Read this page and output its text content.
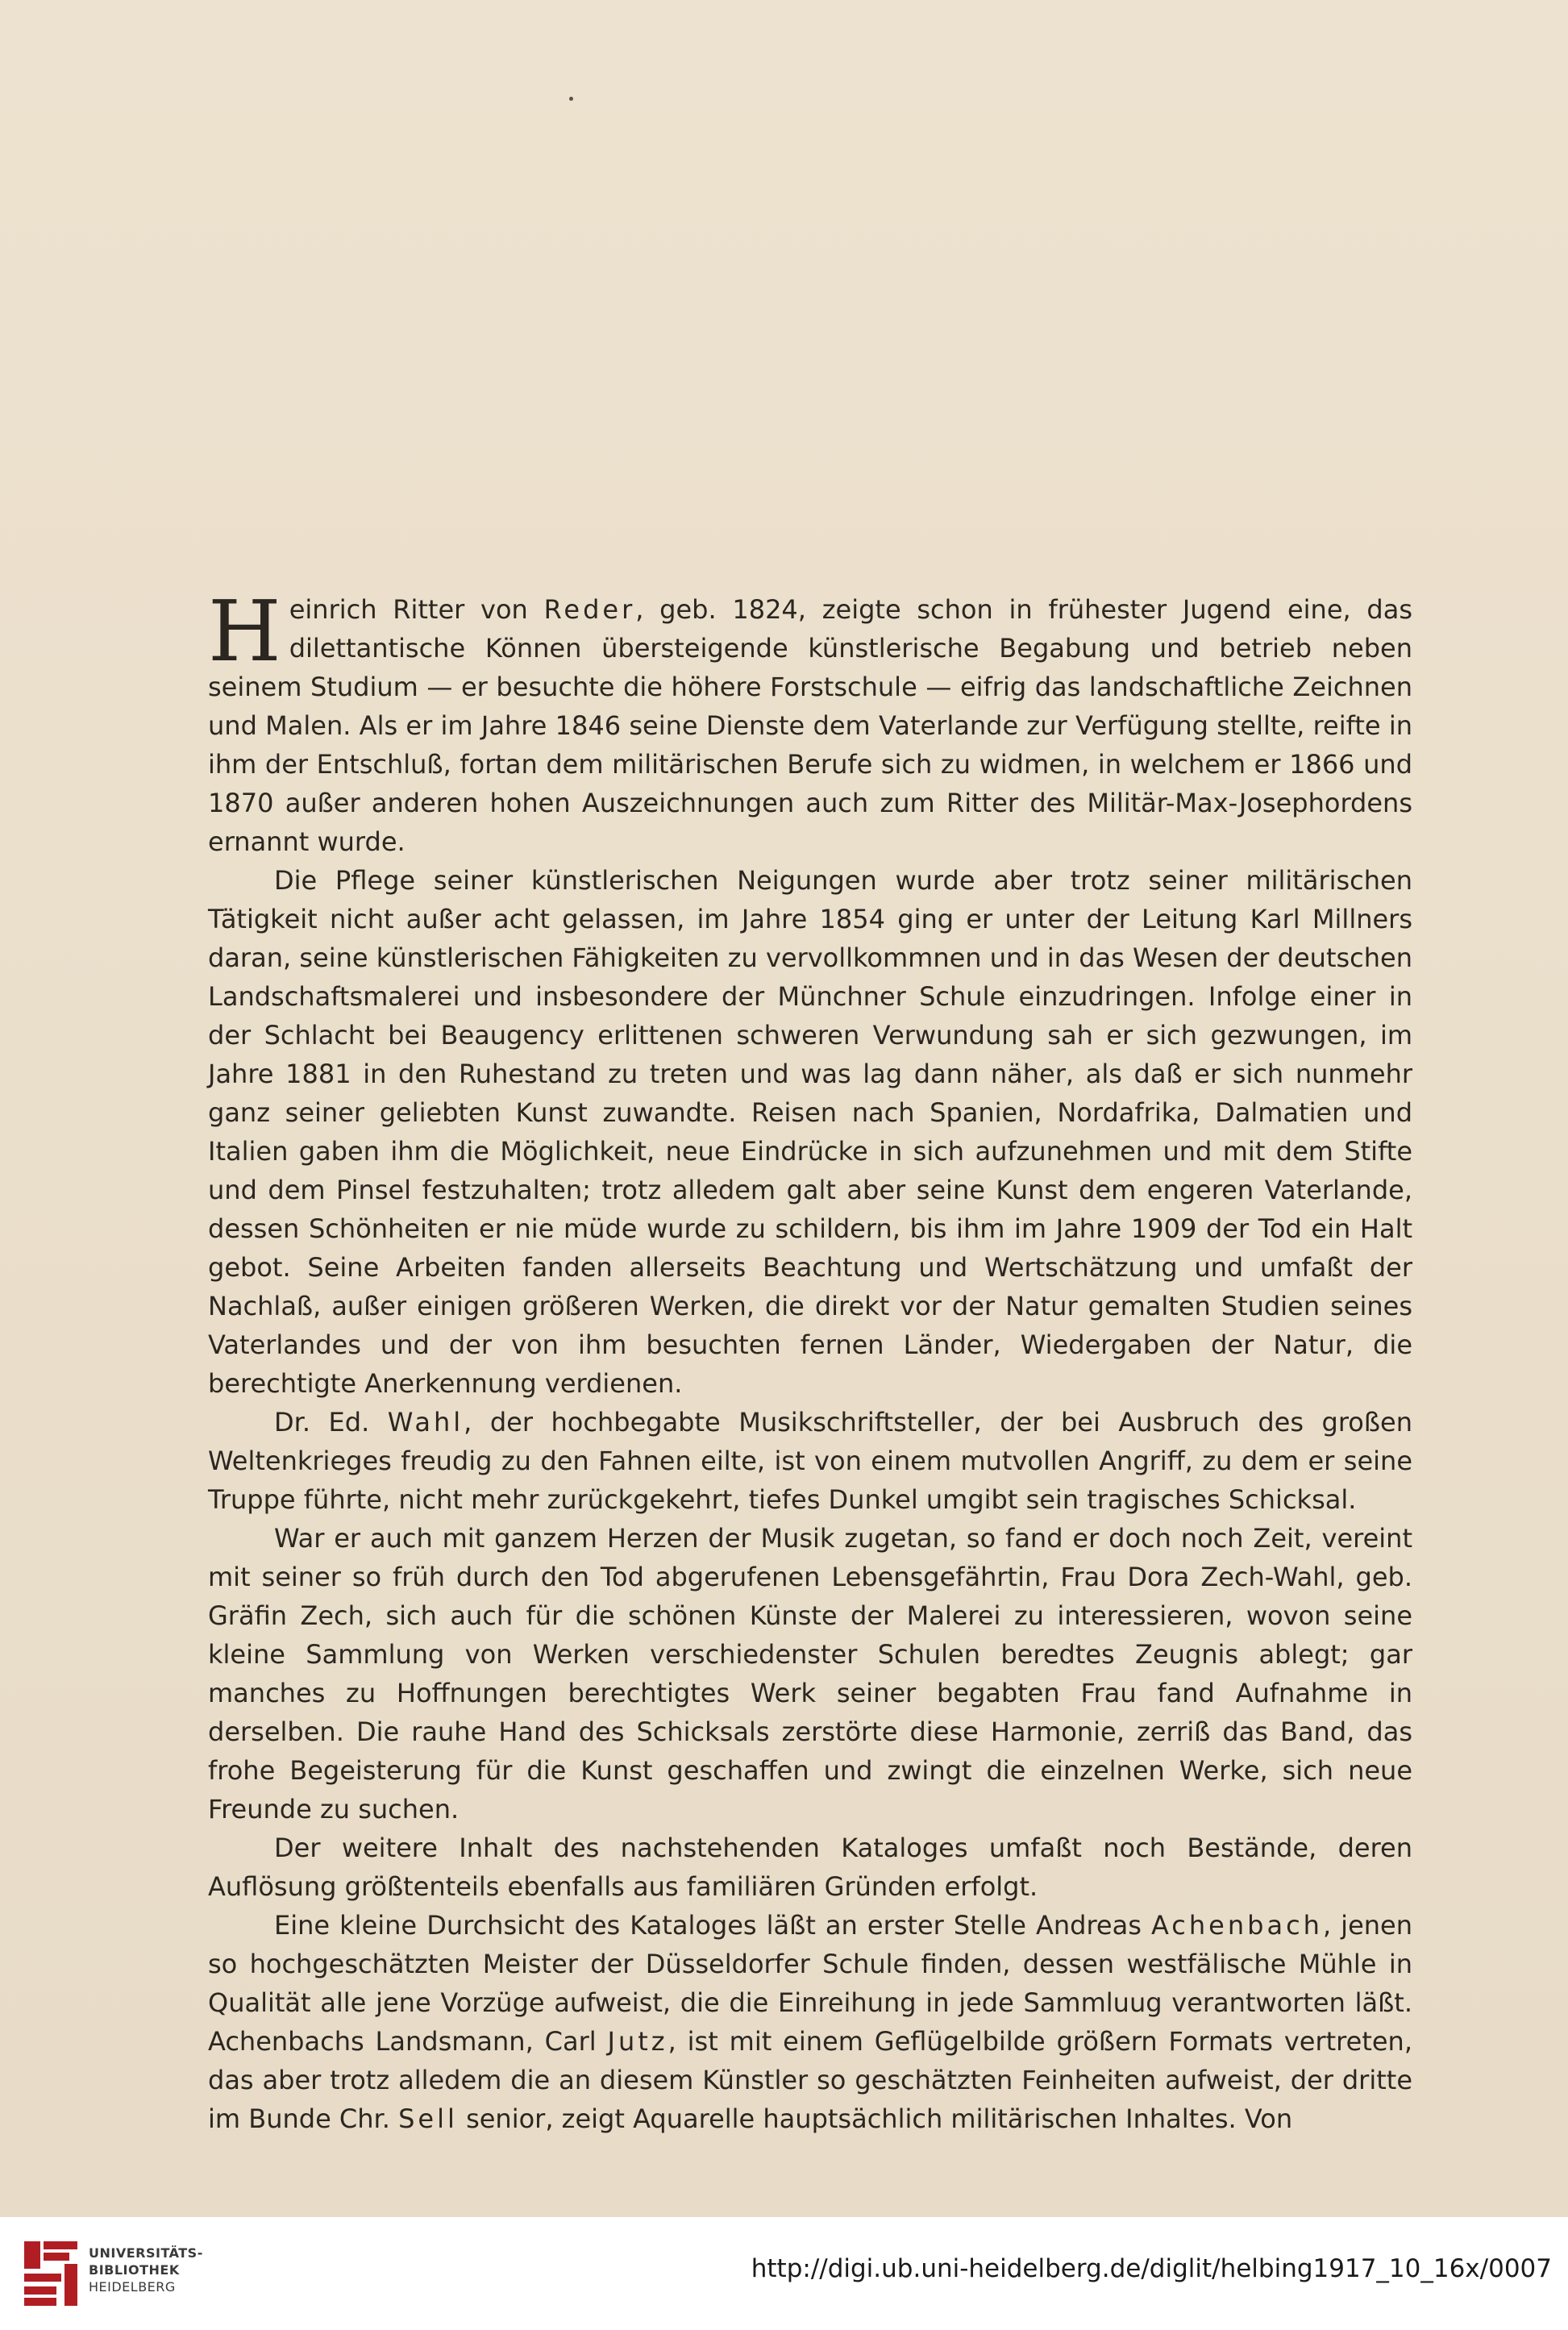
Heinrich Ritter von Reder, geb. 1824, zeigte schon in frühester Jugend eine, das dilettantische Können übersteigende künstlerische Begabung und betrieb neben seinem Studium — er besuchte die höhere Forstschule — eifrig das landschaftliche Zeichnen und Malen. Als er im Jahre 1846 seine Dienste dem Vaterlande zur Verfügung stellte, reifte in ihm der Entschluß, fortan dem militärischen Berufe sich zu widmen, in welchem er 1866 und 1870 außer anderen hohen Auszeichnungen auch zum Ritter des Militär-Max-Josephordens ernannt wurde.

Die Pflege seiner künstlerischen Neigungen wurde aber trotz seiner militärischen Tätigkeit nicht außer acht gelassen, im Jahre 1854 ging er unter der Leitung Karl Millners daran, seine künstlerischen Fähigkeiten zu vervollkommnen und in das Wesen der deutschen Landschaftsmalerei und insbesondere der Münchner Schule einzudringen. Infolge einer in der Schlacht bei Beaugency erlittenen schweren Verwundung sah er sich gezwungen, im Jahre 1881 in den Ruhestand zu treten und was lag dann näher, als daß er sich nunmehr ganz seiner geliebten Kunst zuwandte. Reisen nach Spanien, Nordafrika, Dalmatien und Italien gaben ihm die Möglichkeit, neue Eindrücke in sich aufzunehmen und mit dem Stifte und dem Pinsel festzuhalten; trotz alledem galt aber seine Kunst dem engeren Vaterlande, dessen Schönheiten er nie müde wurde zu schildern, bis ihm im Jahre 1909 der Tod ein Halt gebot. Seine Arbeiten fanden allerseits Beachtung und Wertschätzung und umfaßt der Nachlaß, außer einigen größeren Werken, die direkt vor der Natur gemalten Studien seines Vaterlandes und der von ihm besuchten fernen Länder, Wiedergaben der Natur, die berechtigte Anerkennung verdienen.

Dr. Ed. Wahl, der hochbegabte Musikschriftsteller, der bei Ausbruch des großen Weltenkrieges freudig zu den Fahnen eilte, ist von einem mutvollen Angriff, zu dem er seine Truppe führte, nicht mehr zurückgekehrt, tiefes Dunkel umgibt sein tragisches Schicksal.

War er auch mit ganzem Herzen der Musik zugetan, so fand er doch noch Zeit, vereint mit seiner so früh durch den Tod abgerufenen Lebensgefährtin, Frau Dora Zech-Wahl, geb. Gräfin Zech, sich auch für die schönen Künste der Malerei zu interessieren, wovon seine kleine Sammlung von Werken verschiedenster Schulen beredtes Zeugnis ablegt; gar manches zu Hoffnungen berechtigtes Werk seiner begabten Frau fand Aufnahme in derselben. Die rauhe Hand des Schicksals zerstörte diese Harmonie, zerriß das Band, das frohe Begeisterung für die Kunst geschaffen und zwingt die einzelnen Werke, sich neue Freunde zu suchen.

Der weitere Inhalt des nachstehenden Kataloges umfaßt noch Bestände, deren Auflösung größtenteils ebenfalls aus familiären Gründen erfolgt.

Eine kleine Durchsicht des Kataloges läßt an erster Stelle Andreas Achenbach, jenen so hochgeschätzten Meister der Düsseldorfer Schule finden, dessen westfälische Mühle in Qualität alle jene Vorzüge aufweist, die die Einreihung in jede Sammluug verantworten läßt. Achenbachs Landsmann, Carl Jutz, ist mit einem Geflügelbilde größern Formats vertreten, das aber trotz alledem die an diesem Künstler so geschätzten Feinheiten aufweist, der dritte im Bunde Chr. Sell senior, zeigt Aquarelle hauptsächlich militärischen Inhaltes. Von

UNIVERSITÄTS-
BIBLIOTHEK
HEIDELBERG
http://digi.ub.uni-heidelberg.de/diglit/helbing1917_10_16x/0007
